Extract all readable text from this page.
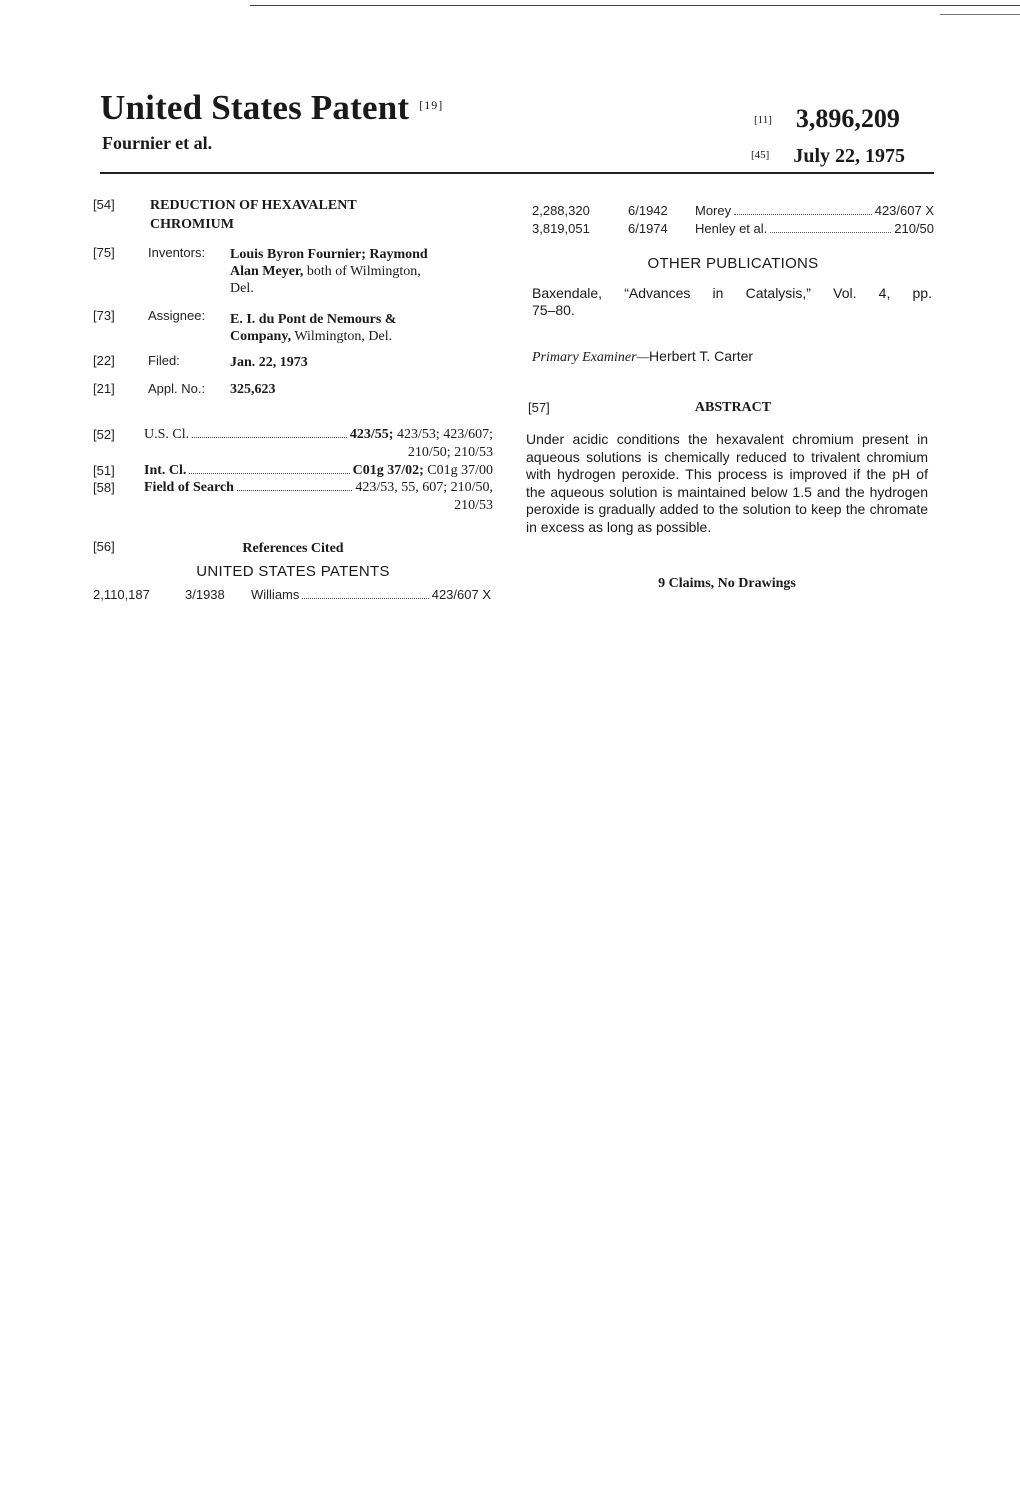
United States Patent [19]
Fournier et al.
[11] 3,896,209
[45] July 22, 1975
[54]	REDUCTION OF HEXAVALENT
CHROMIUM
[75]	Inventors: Louis Byron Fournier; Raymond
Alan Meyer, both of Wilmington,
Del.
[73]	Assignee: E. I. du Pont de Nemours &
Company, Wilmington, Del.
[22]	Filed:	Jan. 22, 1973
[21]	Appl. No.: 325,623
[52] U.S. Cl.	423/55; 423/53; 423/607;
210/50; 210/53
[51] Int. Cl.	C01g 37/02; C01g 37/00
[58] Field of Search	423/53, 55, 607; 210/50,
210/53
[56]	References Cited
UNITED STATES PATENTS
2,110,187	3/1938 Williams	423/607 X
2,288,320	6/1942 Morey	423/607 X
3,819,051	6/1974 Henley et al.	210/50
OTHER PUBLICATIONS
Baxendale, “Advances in Catalysis,” Vol. 4, pp.
75–80.
Primary Examiner—Herbert T. Carter
[57]	ABSTRACT
Under acidic conditions the hexavalent chromium present in aqueous solutions is chemically reduced to trivalent chromium with hydrogen peroxide. This process is improved if the pH of the aqueous solution is maintained below 1.5 and the hydrogen peroxide is gradually added to the solution to keep the chromate in excess as long as possible.
9 Claims, No Drawings
